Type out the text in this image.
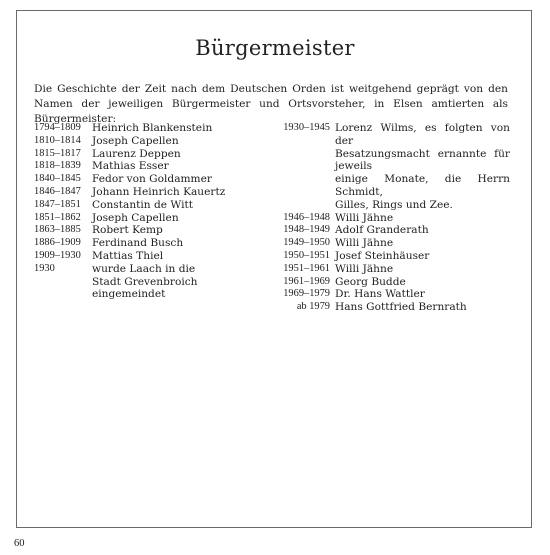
Bürgermeister
Die Geschichte der Zeit nach dem Deutschen Orden ist weitgehend geprägt von den Namen der jeweiligen Bürgermeister und Ortsvorsteher, in Elsen amtierten als Bürgermeister:
1794–1809	Heinrich Blankenstein
1810–1814	Joseph Capellen
1815–1817	Laurenz Deppen
1818–1839	Mathias Esser
1840–1845	Fedor von Goldammer
1846–1847	Johann Heinrich Kauertz
1847–1851	Constantin de Witt
1851–1862	Joseph Capellen
1863–1885	Robert Kemp
1886–1909	Ferdinand Busch
1909–1930	Mattias Thiel
1930	wurde Laach in die
Stadt Grevenbroich eingemeindet
1930–1945 Lorenz Wilms, es folgten von der
Besatzungsmacht ernannte für jeweils
einige Monate, die Herrn Schmidt,
Gilles, Rings und Zee.
1946–1948 Willi Jähne
1948–1949 Adolf Granderath
1949–1950 Willi Jähne
1950–1951 Josef Steinhäuser
1951–1961 Willi Jähne
1961–1969 Georg Budde
1969–1979 Dr. Hans Wattler
ab 1979 Hans Gottfried Bernrath
60
